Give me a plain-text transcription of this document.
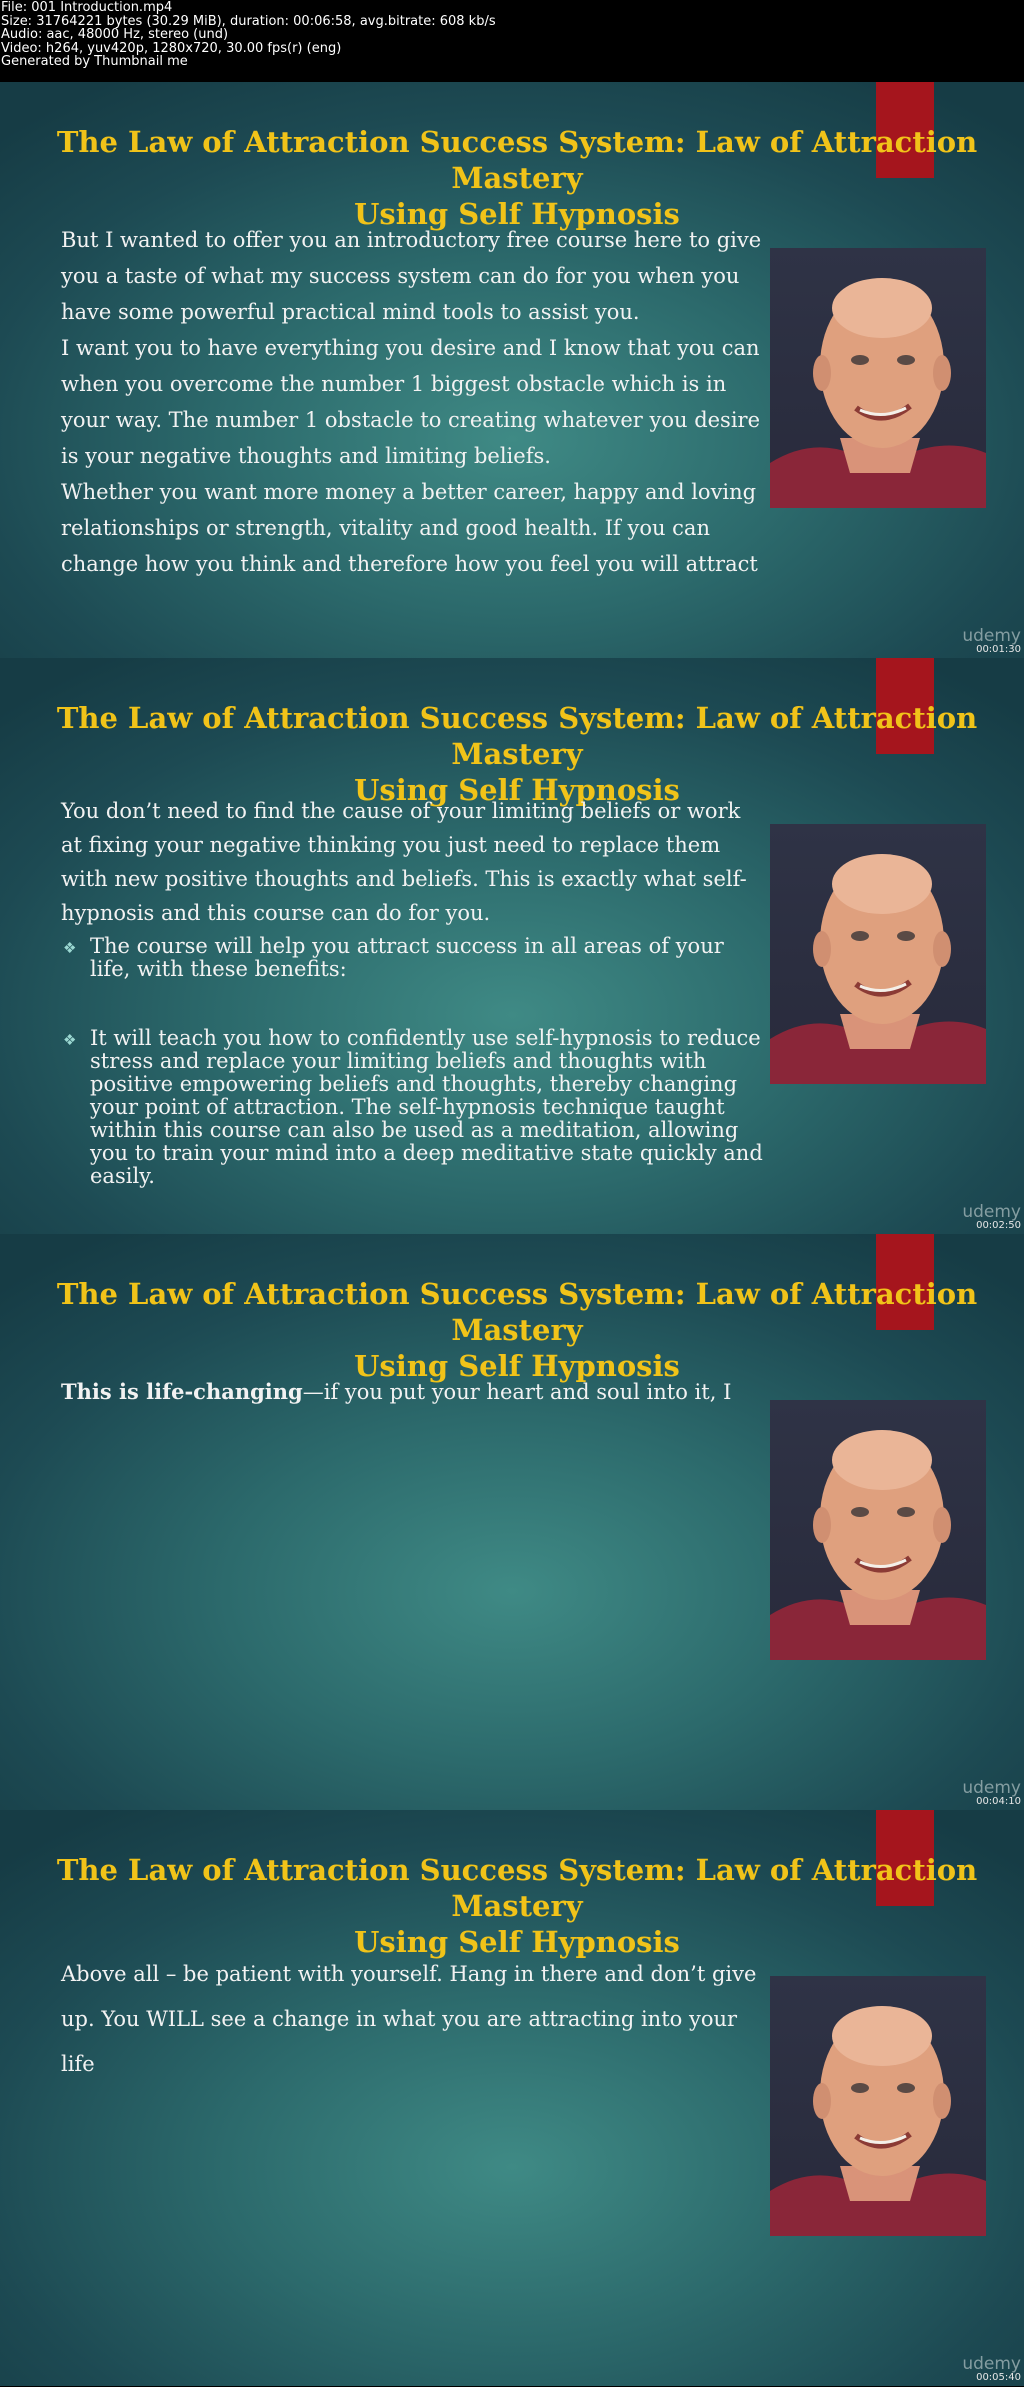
File: 001 Introduction.mp4
Size: 31764221 bytes (30.29 MiB), duration: 00:06:58, avg.bitrate: 608 kb/s
Audio: aac, 48000 Hz, stereo (und)
Video: h264, yuv420p, 1280x720, 30.00 fps(r) (eng)
Generated by Thumbnail me
The Law of Attraction Success System: Law of Attraction Mastery
Using Self Hypnosis

But I wanted to offer you an introductory free course here to give you a taste of what my success system can do for you when you have some powerful practical mind tools to assist you.

I want you to have everything you desire and I know that you can when you overcome the number 1 biggest obstacle which is in your way. The number 1 obstacle to creating whatever you desire is your negative thoughts and limiting beliefs.

Whether you want more money a better career, happy and loving relationships or strength, vitality and good health. If you can change how you think and therefore how you feel you will attract

udemy
00:01:30
The Law of Attraction Success System: Law of Attraction Mastery
Using Self Hypnosis

You don’t need to find the cause of your limiting beliefs or work at fixing your negative thinking you just need to replace them with new positive thoughts and beliefs. This is exactly what self-hypnosis and this course can do for you.

❖ The course will help you attract success in all areas of your life, with these benefits:
❖ It will teach you how to confidently use self-hypnosis to reduce stress and replace your limiting beliefs and thoughts with positive empowering beliefs and thoughts, thereby changing your point of attraction. The self-hypnosis technique taught within this course can also be used as a meditation, allowing you to train your mind into a deep meditative state quickly and easily.
udemy
00:02:50
The Law of Attraction Success System: Law of Attraction Mastery
Using Self Hypnosis

This is life-changing—if you put your heart and soul into it, I

udemy
00:04:10
The Law of Attraction Success System: Law of Attraction Mastery
Using Self Hypnosis

Above all – be patient with yourself. Hang in there and don’t give up. You WILL see a change in what you are attracting into your life

udemy
00:05:40
